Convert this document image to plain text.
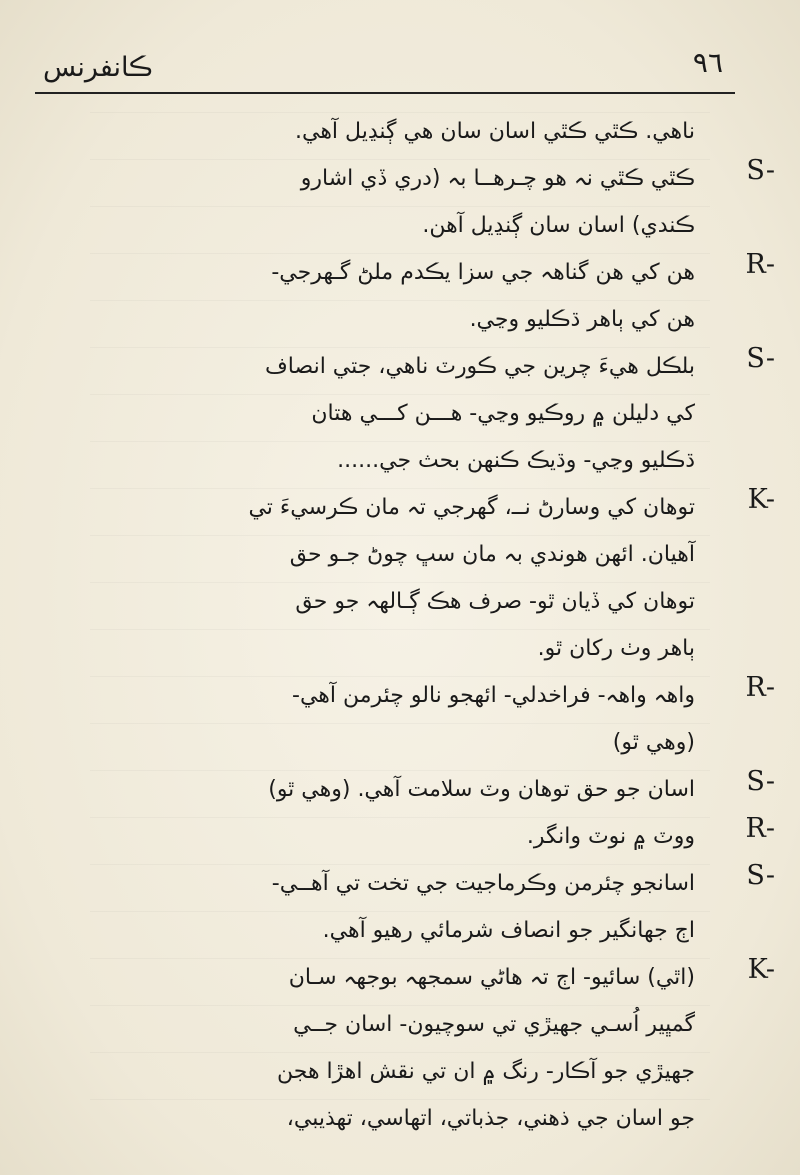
٩٦
ڪانفرنس
ناهي. ڪٿي ڪٿي اسان سان هي ڳنڍيل آهي.
S-
ڪٿي ڪٿي نہ هو چـرهــا بہ (دري ڏي اشارو
ڪندي) اسان سان ڳنڍيل آهن.
R-
هن کي هن گناهہ جي سزا يڪدم ملڻ گـهرجي-
هن کي ٻاهر ڌڪليو وڃي.
S-
بلڪل هيءَ چرين جي ڪورٽ ناهي، جتي انصاف
کي دليلن ۾ روڪيو وڃي- هـــن کـــي هتان
ڌڪليو وڃي- وڌيڪ ڪنهن بحث جي......
K-
توهان کي وسارڻ نــ، گهرجي تہ مان ڪرسيءَ تي
آهيان. ائهن هوندي بہ مان سڀ چوڻ جـو حق
توهان کي ڏيان ٿو- صرف هڪ ڳـالهہ جو حق
ٻاهر وٺ رکان ٿو.
R-
واهہ واهہ- فراخدلي- ائهجو نالو چئرمن آهي-
(وهي ٿو)
S-
اسان جو حق توهان وٽ سلامت آهي. (وهي ٿو)
R-
ووٽ ۾ نوٽ وانگر.
S-
اسانجو چئرمن وڪرماجيت جي تخت تي آهــي-
اڄ جهانگير جو انصاف شرمائي رهيو آهي.
K-
(اٿي) سائيو- اڄ تہ هاڻي سمجهہ بوجهہ سـان
گمڀير اُسـي جهيڙي تي سوچيون- اسان جــي
جهيڙي جو آڪار- رنگ ۾ ان تي نقش اهڙا هجن
جو اسان جي ذهني، جذباتي، اتهاسي، تهذيبي،
